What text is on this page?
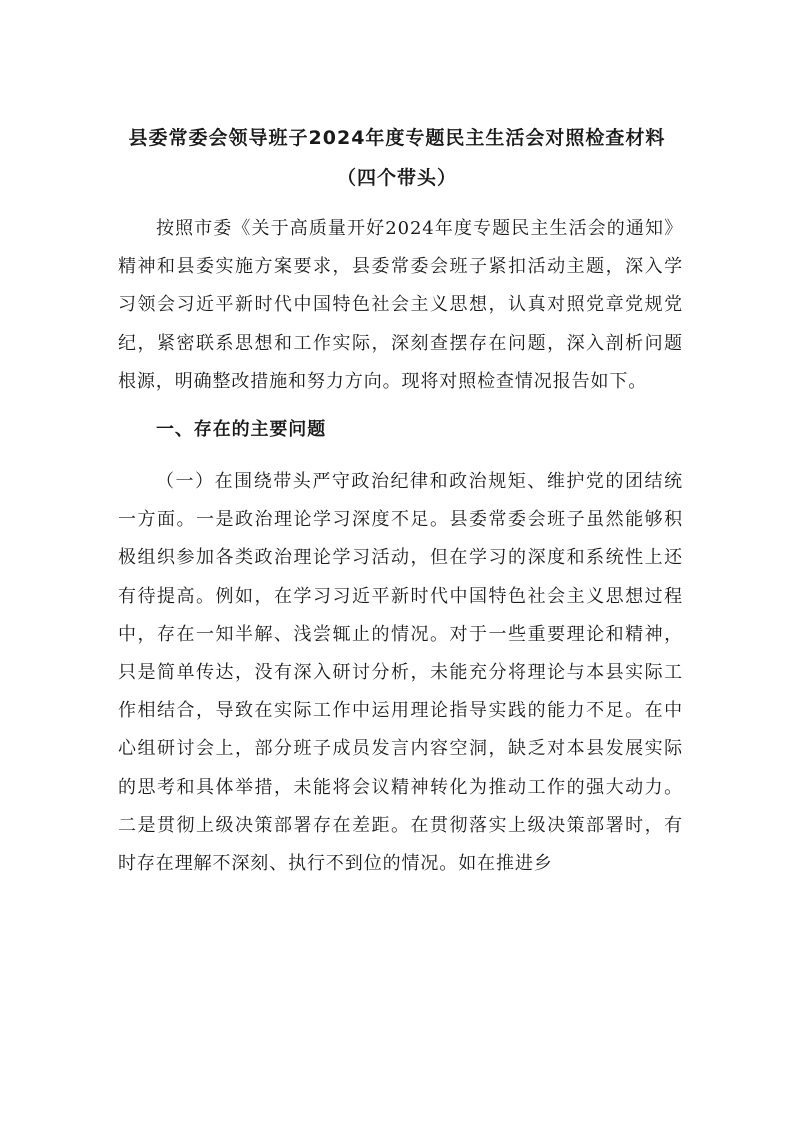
县委常委会领导班子2024年度专题民主生活会对照检查材料（四个带头）

按照市委《关于高质量开好2024年度专题民主生活会的通知》精神和县委实施方案要求，县委常委会班子紧扣活动主题，深入学习领会习近平新时代中国特色社会主义思想，认真对照党章党规党纪，紧密联系思想和工作实际，深刻查摆存在问题，深入剖析问题根源，明确整改措施和努力方向。现将对照检查情况报告如下。

一、存在的主要问题

（一）在围绕带头严守政治纪律和政治规矩、维护党的团结统一方面。一是政治理论学习深度不足。县委常委会班子虽然能够积极组织参加各类政治理论学习活动，但在学习的深度和系统性上还有待提高。例如，在学习习近平新时代中国特色社会主义思想过程中，存在一知半解、浅尝辄止的情况。对于一些重要理论和精神，只是简单传达，没有深入研讨分析，未能充分将理论与本县实际工作相结合，导致在实际工作中运用理论指导实践的能力不足。在中心组研讨会上，部分班子成员发言内容空洞，缺乏对本县发展实际的思考和具体举措，未能将会议精神转化为推动工作的强大动力。二是贯彻上级决策部署存在差距。在贯彻落实上级决策部署时，有时存在理解不深刻、执行不到位的情况。如在推进乡
